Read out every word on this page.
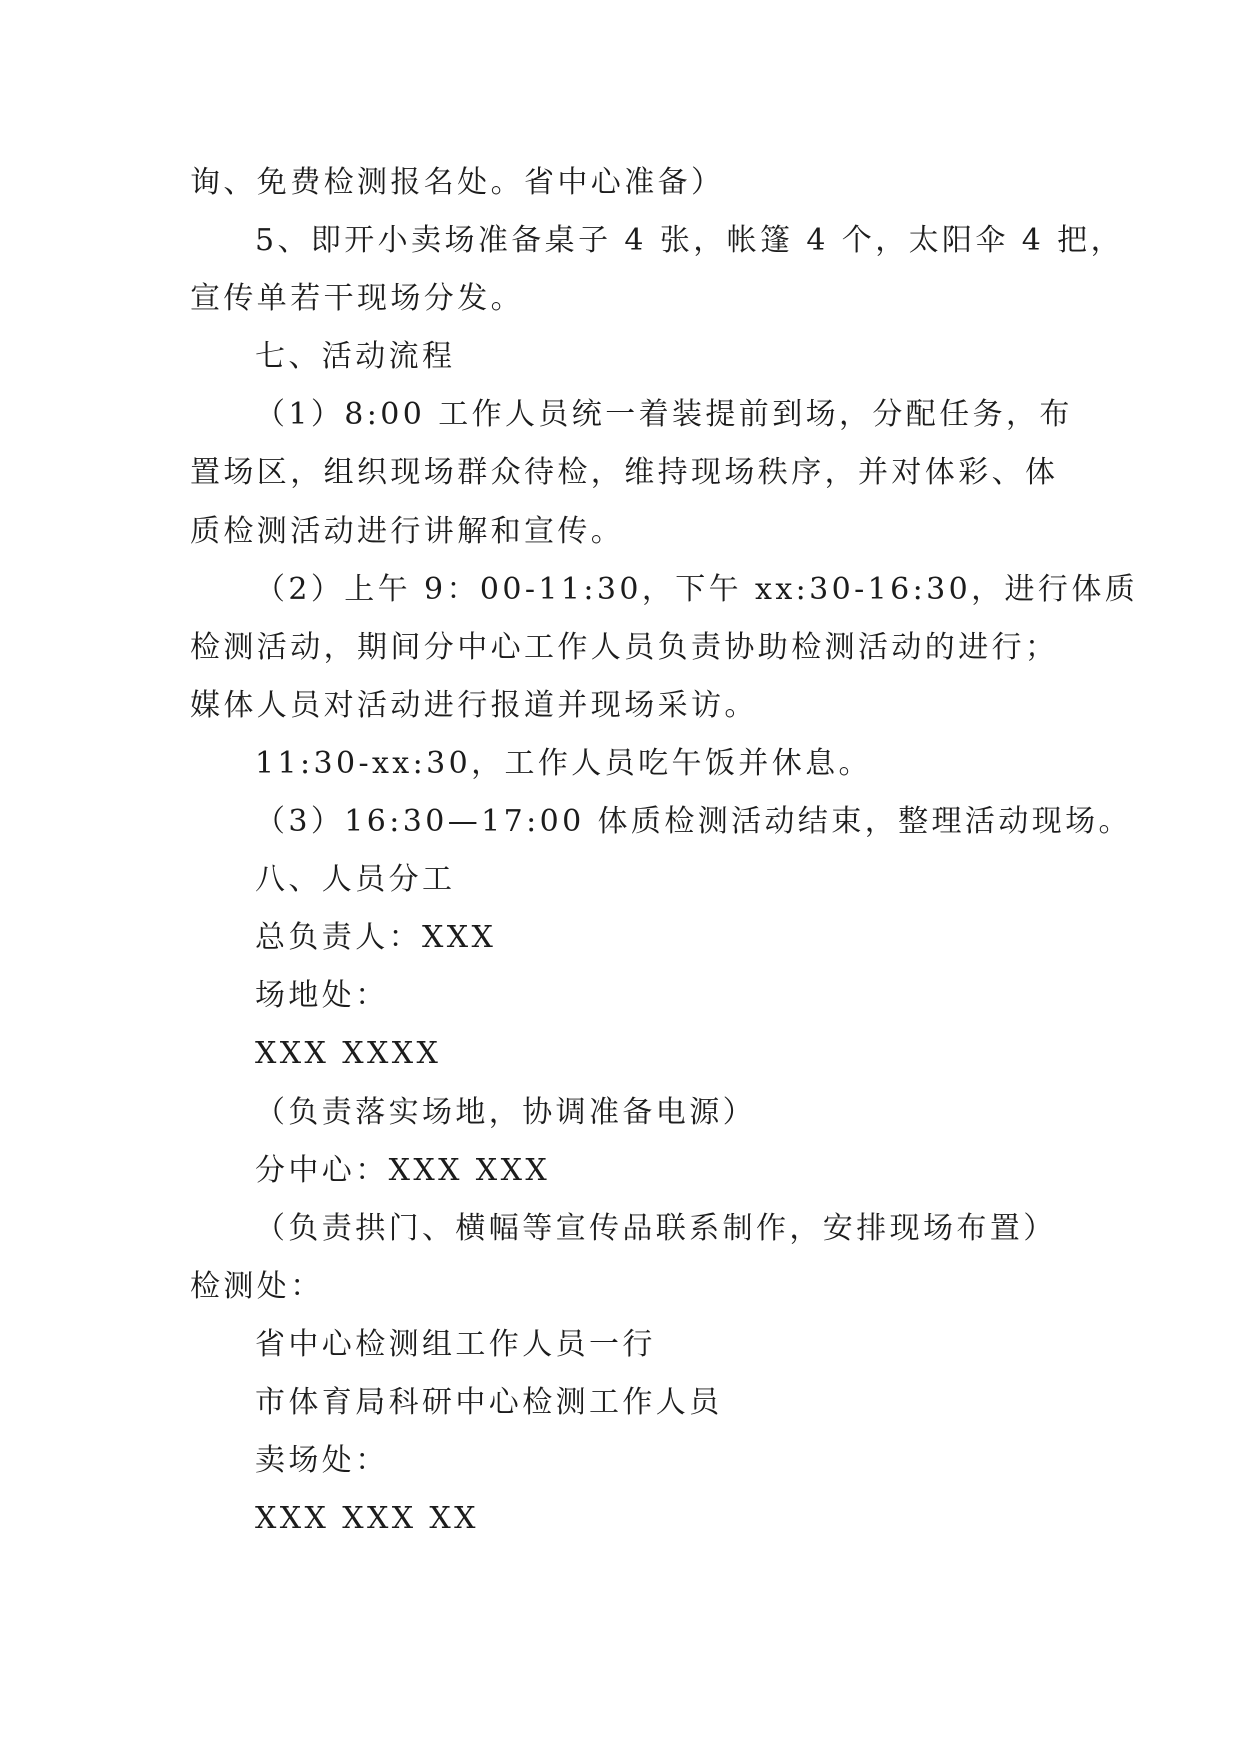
询、免费检测报名处。省中心准备）
5、即开小卖场准备桌子 4 张，帐篷 4 个，太阳伞 4 把，
宣传单若干现场分发。
七、活动流程
（1）8:00 工作人员统一着装提前到场，分配任务，布
置场区，组织现场群众待检，维持现场秩序，并对体彩、体
质检测活动进行讲解和宣传。
（2）上午 9：00-11:30，下午 xx:30-16:30，进行体质
检测活动，期间分中心工作人员负责协助检测活动的进行；
媒体人员对活动进行报道并现场采访。
11:30-xx:30，工作人员吃午饭并休息。
（3）16:30—17:00 体质检测活动结束，整理活动现场。
八、人员分工
总负责人：XXX
场地处：
XXX XXXX
（负责落实场地，协调准备电源）
分中心：XXX XXX
（负责拱门、横幅等宣传品联系制作，安排现场布置）
检测处：
省中心检测组工作人员一行
市体育局科研中心检测工作人员
卖场处：
XXX XXX XX
